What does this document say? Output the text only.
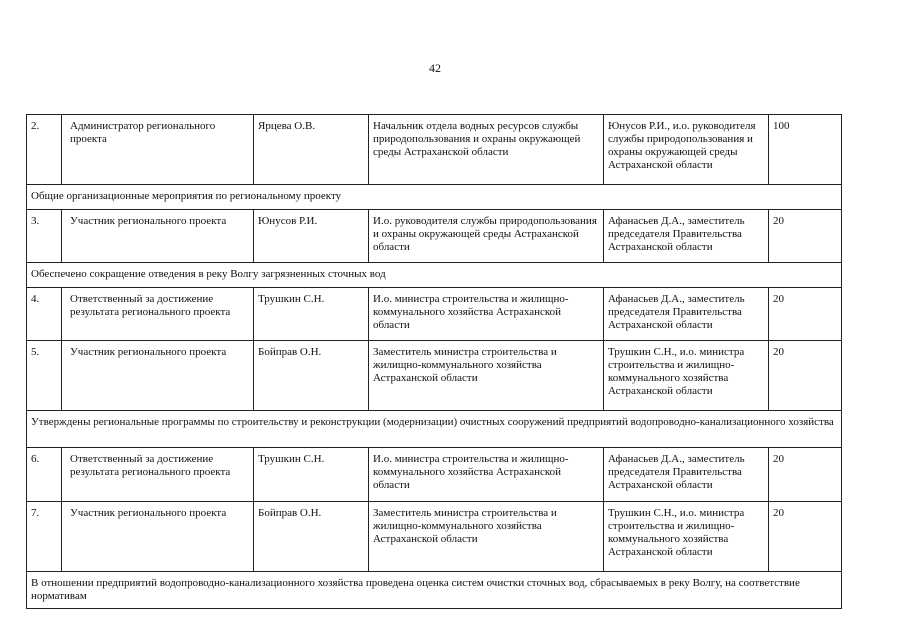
42
2.	Администратор регионального проекта	Ярцева О.В.	Начальник отдела водных ресурсов службы природопользования и охраны окружающей среды Астраханской области	Юнусов Р.И., и.о. руководителя службы природопользования и охраны окружающей среды Астраханской области	100
Общие организационные мероприятия по региональному проекту					
3.	Участник регионального проекта	Юнусов Р.И.	И.о. руководителя службы природопользования и охраны окружающей среды Астраханской области	Афанасьев Д.А., заместитель председателя Правительства Астраханской области	20
Обеспечено сокращение отведения в реку Волгу загрязненных сточных вод					
4.	Ответственный за достижение результата регионального проекта	Трушкин С.Н.	И.о. министра строительства и жилищно-коммунального хозяйства Астраханской области	Афанасьев Д.А., заместитель председателя Правительства Астраханской области	20
5.	Участник регионального проекта	Бойправ О.Н.	Заместитель министра строительства и жилищно-коммунального хозяйства Астраханской области	Трушкин С.Н., и.о. министра строительства и жилищно-коммунального хозяйства Астраханской области	20
Утверждены региональные программы по строительству и реконструкции (модернизации) очистных сооружений предприятий водопроводно-канализационного хозяйства					
6.	Ответственный за достижение результата регионального проекта	Трушкин С.Н.	И.о. министра строительства и жилищно-коммунального хозяйства Астраханской области	Афанасьев Д.А., заместитель председателя Правительства Астраханской области	20
7.	Участник регионального проекта	Бойправ О.Н.	Заместитель министра строительства и жилищно-коммунального хозяйства Астраханской области	Трушкин С.Н., и.о. министра строительства и жилищно-коммунального хозяйства Астраханской области	20
В отношении предприятий водопроводно-канализационного хозяйства проведена оценка систем очистки сточных вод, сбрасываемых в реку Волгу, на соответствие нормативам					
